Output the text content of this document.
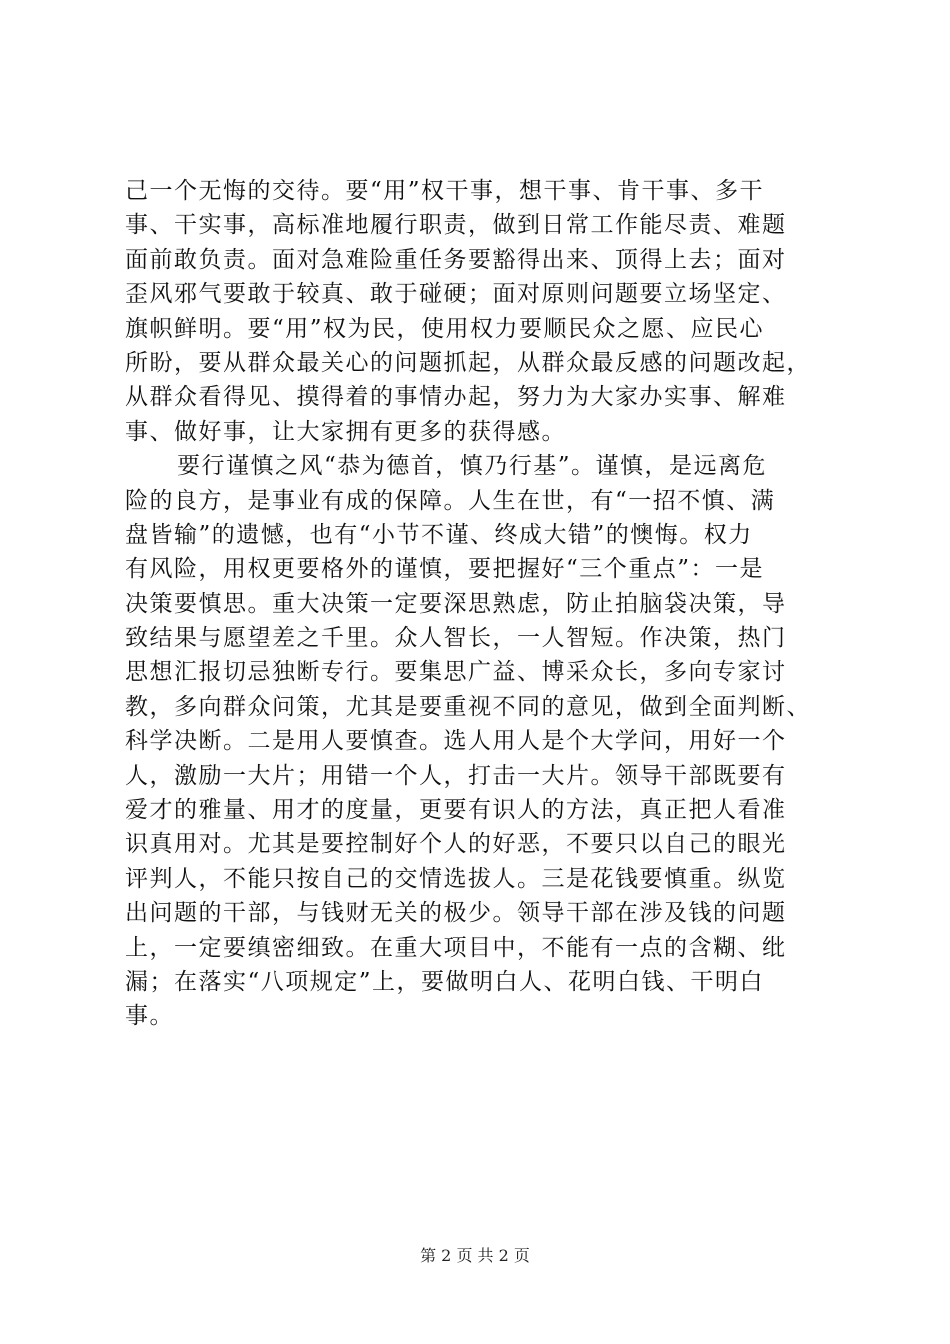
己一个无悔的交待。要“用”权干事，想干事、肯干事、多干
事、干实事，高标准地履行职责，做到日常工作能尽责、难题
面前敢负责。面对急难险重任务要豁得出来、顶得上去；面对
歪风邪气要敢于较真、敢于碰硬；面对原则问题要立场坚定、
旗帜鲜明。要“用”权为民，使用权力要顺民众之愿、应民心
所盼，要从群众最关心的问题抓起，从群众最反感的问题改起，
从群众看得见、摸得着的事情办起，努力为大家办实事、解难
事、做好事，让大家拥有更多的获得感。
要行谨慎之风“恭为德首，慎乃行基”。谨慎，是远离危
险的良方，是事业有成的保障。人生在世，有“一招不慎、满
盘皆输”的遗憾，也有“小节不谨、终成大错”的懊悔。权力
有风险，用权更要格外的谨慎，要把握好“三个重点”：一是
决策要慎思。重大决策一定要深思熟虑，防止拍脑袋决策，导
致结果与愿望差之千里。众人智长，一人智短。作决策，热门
思想汇报切忌独断专行。要集思广益、博采众长，多向专家讨
教，多向群众问策，尤其是要重视不同的意见，做到全面判断、
科学决断。二是用人要慎查。选人用人是个大学问，用好一个
人，激励一大片；用错一个人，打击一大片。领导干部既要有
爱才的雅量、用才的度量，更要有识人的方法，真正把人看准
识真用对。尤其是要控制好个人的好恶，不要只以自己的眼光
评判人，不能只按自己的交情选拔人。三是花钱要慎重。纵览
出问题的干部，与钱财无关的极少。领导干部在涉及钱的问题
上，一定要缜密细致。在重大项目中，不能有一点的含糊、纰
漏；在落实“八项规定”上，要做明白人、花明白钱、干明白
事。
第 2 页 共 2 页
